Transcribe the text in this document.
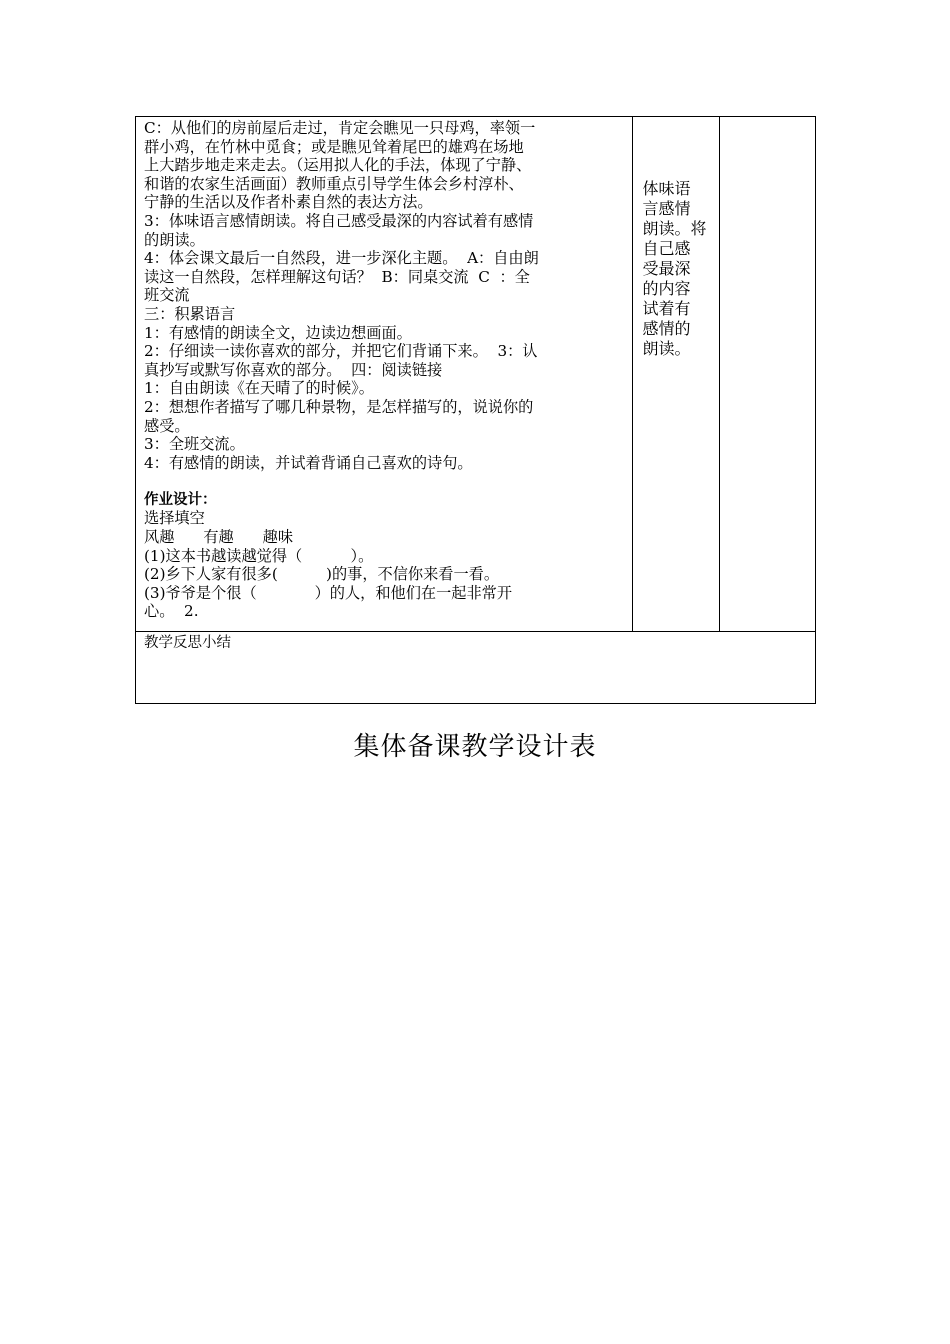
C：从他们的房前屋后走过，肯定会瞧见一只母鸡，率领一
群小鸡，在竹林中觅食；或是瞧见耸着尾巴的雄鸡在场地
上大踏步地走来走去。（运用拟人化的手法，体现了宁静、
和谐的农家生活画面）教师重点引导学生体会乡村淳朴、
宁静的生活以及作者朴素自然的表达方法。
3：体味语言感情朗读。将自己感受最深的内容试着有感情
的朗读。
4：体会课文最后一自然段，进一步深化主题。  A：自由朗
读这一自然段，怎样理解这句话？  B：同桌交流  C  ：全
班交流
三：积累语言
1：有感情的朗读全文，边读边想画面。
2：仔细读一读你喜欢的部分，并把它们背诵下来。  3：认
真抄写或默写你喜欢的部分。  四：阅读链接
1：自由朗读《在天晴了的时候》。
2：想想作者描写了哪几种景物，是怎样描写的，说说你的
感受。
3：全班交流。
4：有感情的朗读，并试着背诵自己喜欢的诗句。
作业设计：
选择填空
风趣      有趣      趣味
(1)这本书越读越觉得（          ）。
(2)乡下人家有很多(          )的事，不信你来看一看。
(3)爷爷是个很（            ）的人，和他们在一起非常开
心。  2.

体味语
言感情
朗读。将
自己感
受最深
的内容
试着有
感情的
朗读。

教学反思小结
集体备课教学设计表
